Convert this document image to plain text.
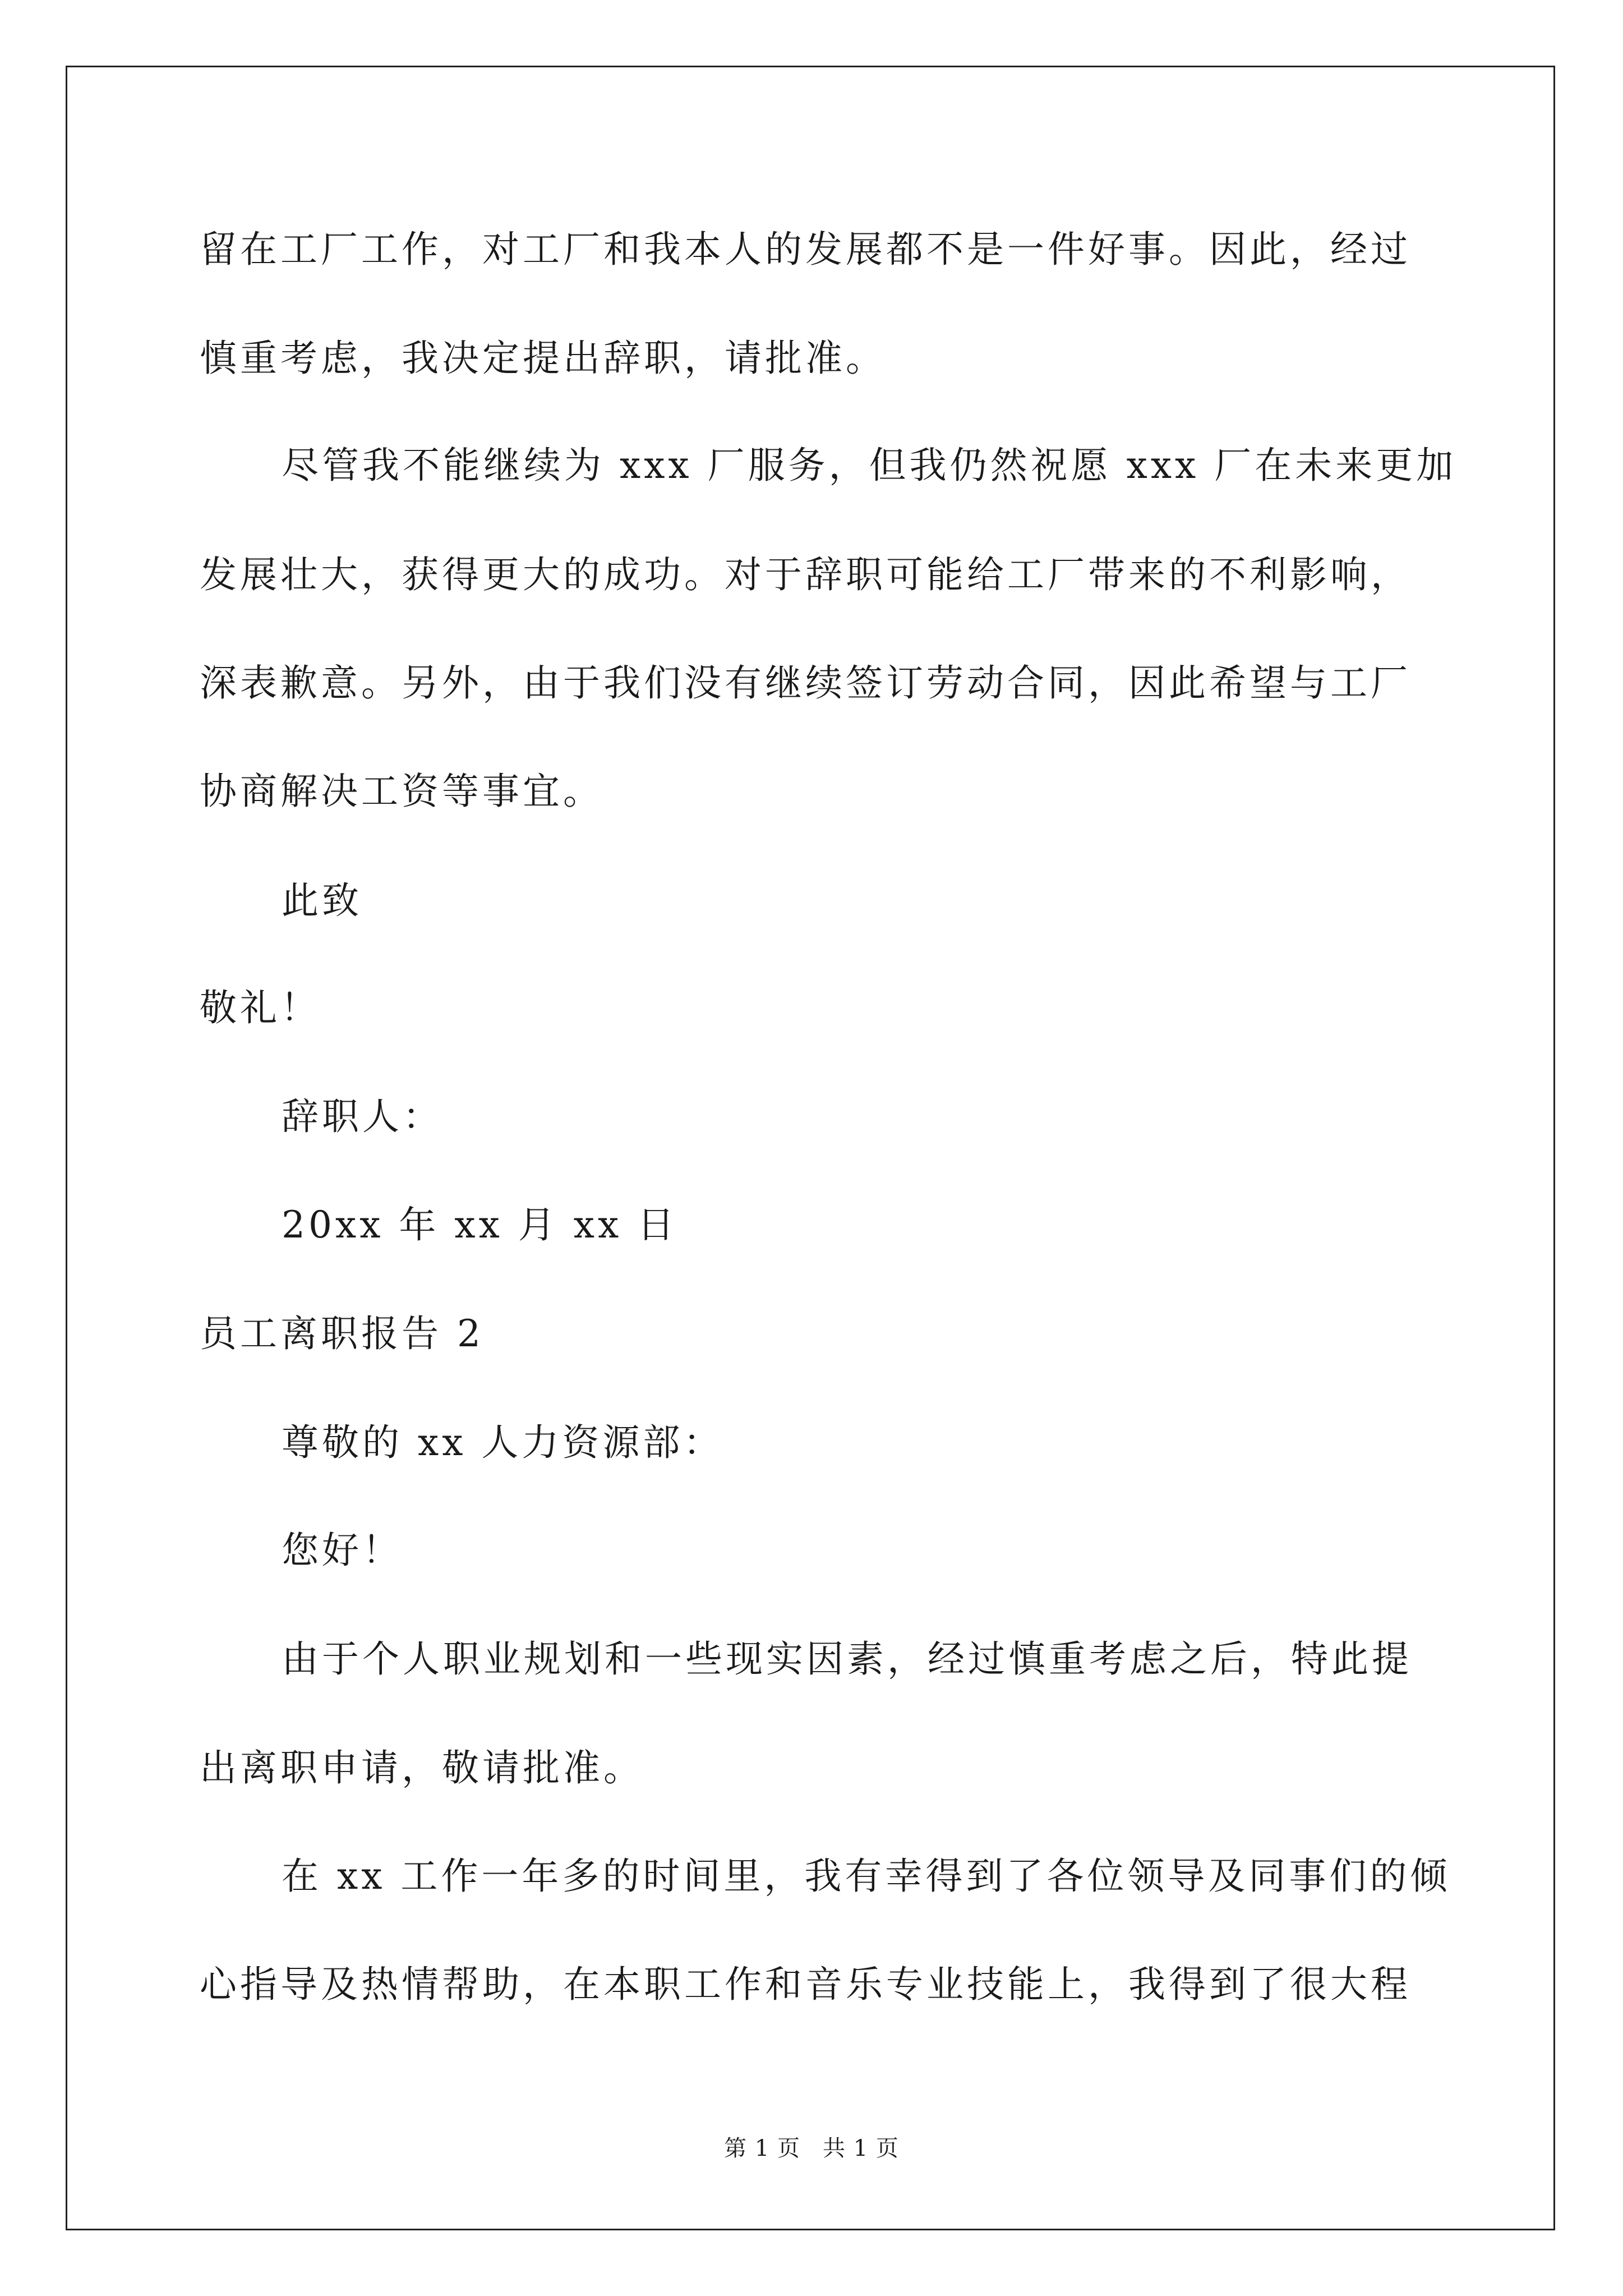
留在工厂工作，对工厂和我本人的发展都不是一件好事。因此，经过
慎重考虑，我决定提出辞职，请批准。
尽管我不能继续为 xxx 厂服务，但我仍然祝愿 xxx 厂在未来更加
发展壮大，获得更大的成功。对于辞职可能给工厂带来的不利影响，
深表歉意。另外，由于我们没有继续签订劳动合同，因此希望与工厂
协商解决工资等事宜。
此致
敬礼！
辞职人：
20xx 年 xx 月 xx 日
员工离职报告 2
尊敬的 xx 人力资源部：
您好！
由于个人职业规划和一些现实因素，经过慎重考虑之后，特此提
出离职申请，敬请批准。
在 xx 工作一年多的时间里，我有幸得到了各位领导及同事们的倾
心指导及热情帮助，在本职工作和音乐专业技能上，我得到了很大程
第 1 页 共 1 页
